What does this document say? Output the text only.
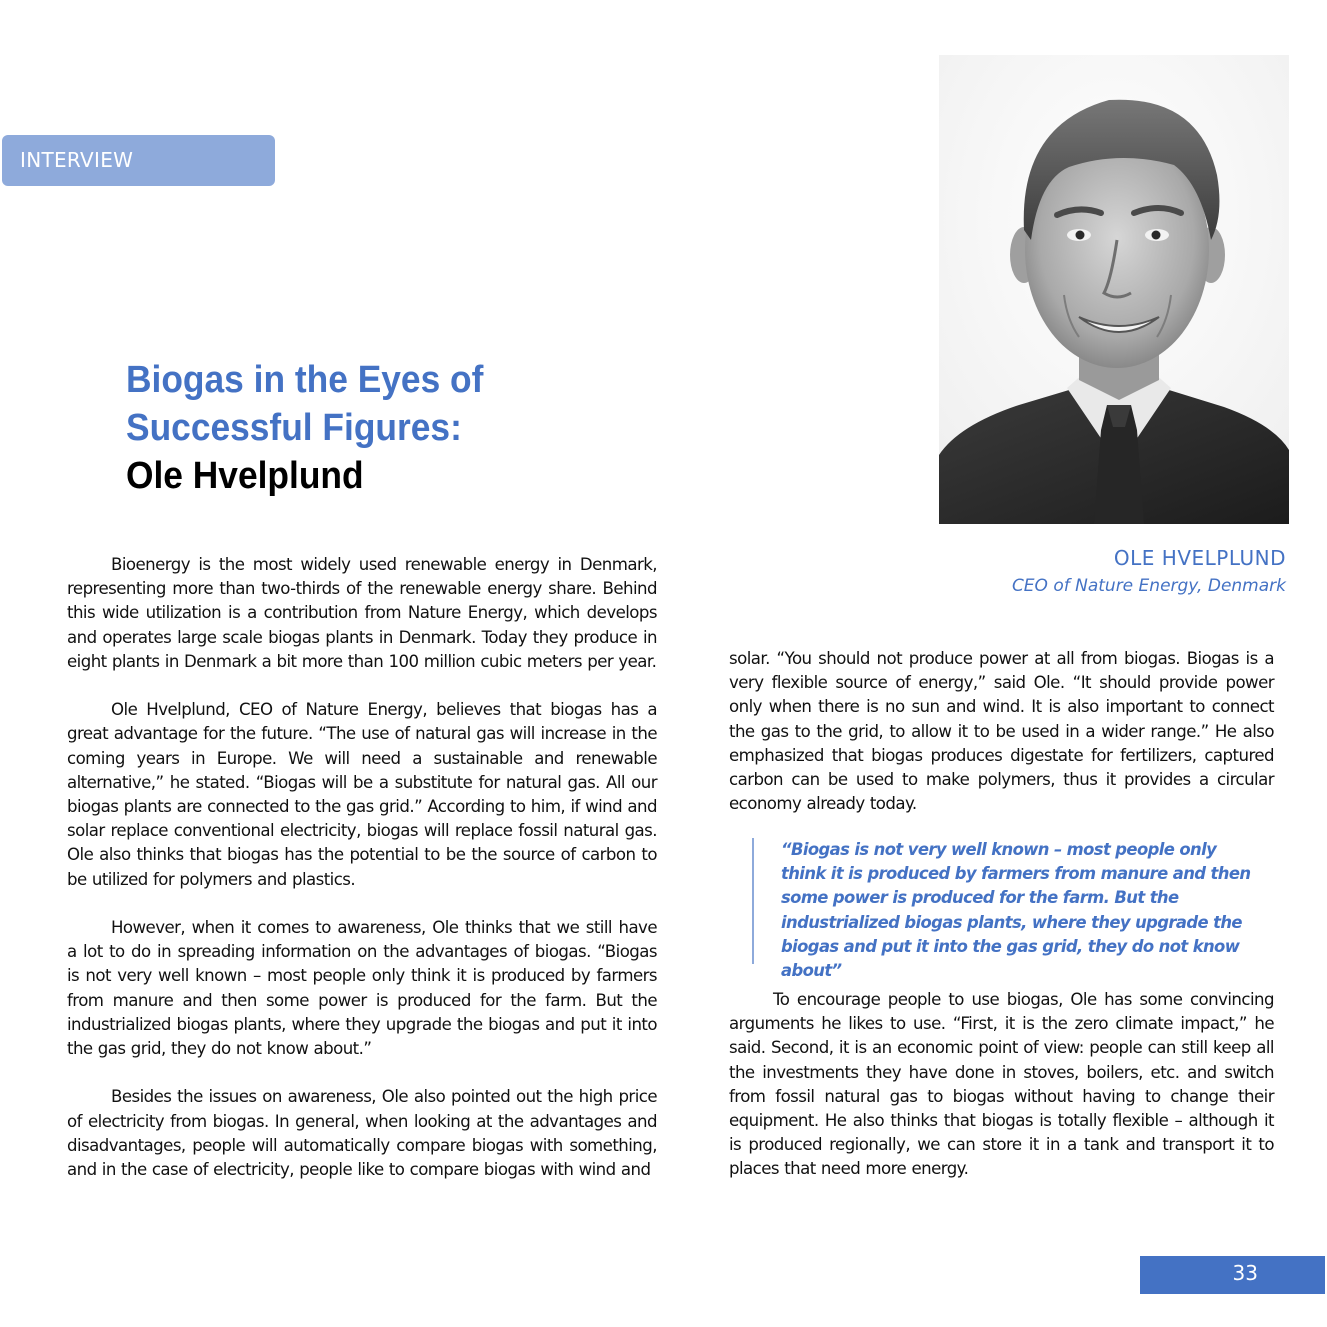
INTERVIEW
Biogas in the Eyes of
Successful Figures:
Ole Hvelplund
OLE HVELPLUND
CEO of Nature Energy, Denmark

Bioenergy is the most widely used renewable energy in Denmark, representing more than two-thirds of the renewable energy share. Behind this wide utilization is a contribution from Nature Energy, which develops and operates large scale biogas plants in Denmark. Today they produce in eight plants in Denmark a bit more than 100 million cubic meters per year.

Ole Hvelplund, CEO of Nature Energy, believes that biogas has a great advantage for the future. “The use of natural gas will increase in the coming years in Europe. We will need a sustainable and renewable alternative,” he stated. “Biogas will be a substitute for natural gas. All our biogas plants are connected to the gas grid.” According to him, if wind and solar replace conventional electricity, biogas will replace fossil natural gas. Ole also thinks that biogas has the potential to be the source of carbon to be utilized for polymers and plastics.

However, when it comes to awareness, Ole thinks that we still have a lot to do in spreading information on the advantages of biogas. “Biogas is not very well known – most people only think it is produced by farmers from manure and then some power is produced for the farm. But the industrialized biogas plants, where they upgrade the biogas and put it into the gas grid, they do not know about.”

Besides the issues on awareness, Ole also pointed out the high price of electricity from biogas. In general, when looking at the advantages and disadvantages, people will automatically compare biogas with something, and in the case of electricity, people like to compare biogas with wind and

solar. “You should not produce power at all from biogas. Biogas is a very flexible source of energy,” said Ole. “It should provide power only when there is no sun and wind. It is also important to connect the gas to the grid, to allow it to be used in a wider range.” He also emphasized that biogas produces digestate for fertilizers, captured carbon can be used to make polymers, thus it provides a circular economy already today.

“Biogas is not very well known – most people only think it is produced by farmers from manure and then some power is produced for the farm. But the industrialized biogas plants, where they upgrade the biogas and put it into the gas grid, they do not know about”

To encourage people to use biogas, Ole has some convincing arguments he likes to use. “First, it is the zero climate impact,” he said. Second, it is an economic point of view: people can still keep all the investments they have done in stoves, boilers, etc. and switch from fossil natural gas to biogas without having to change their equipment. He also thinks that biogas is totally flexible – although it is produced regionally, we can store it in a tank and transport it to places that need more energy.

33
